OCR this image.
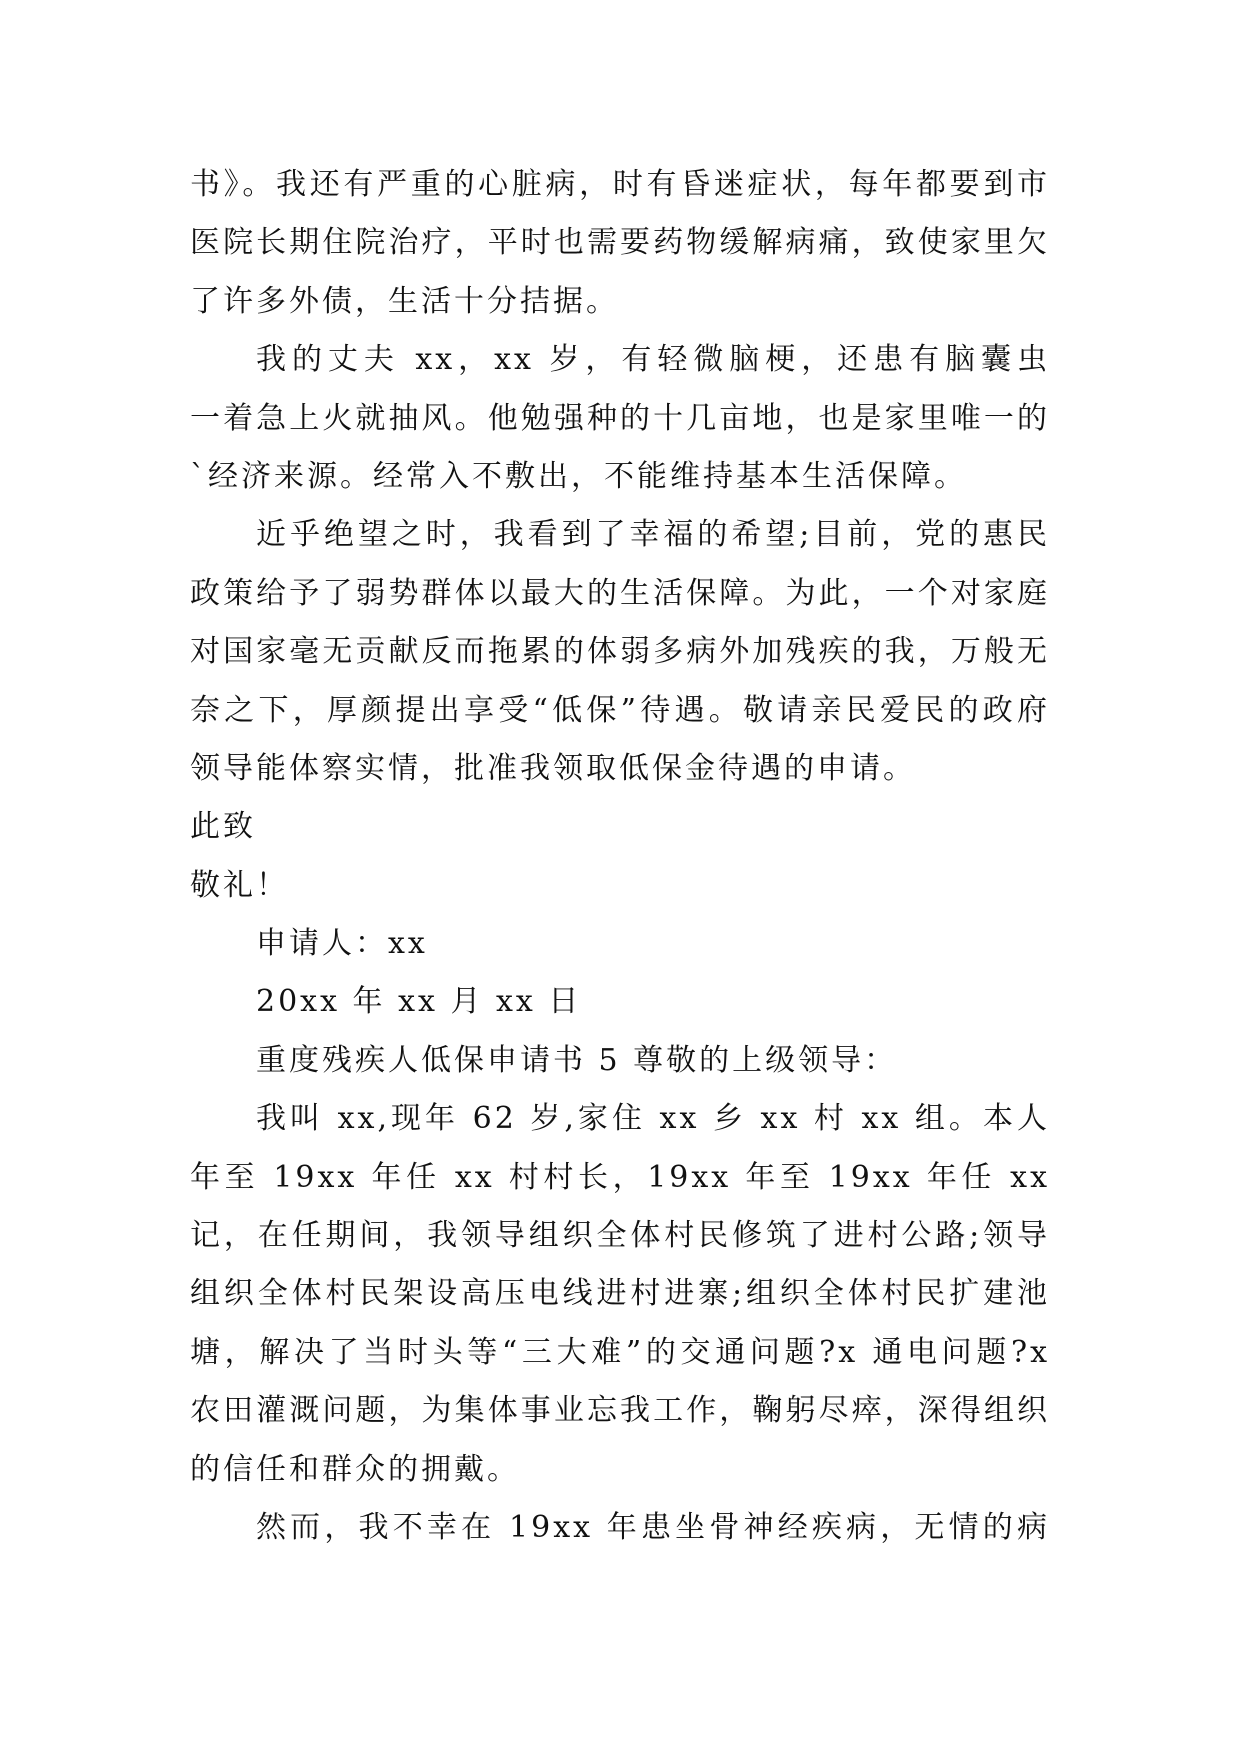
书》。我还有严重的心脏病，时有昏迷症状，每年都要到市
医院长期住院治疗，平时也需要药物缓解病痛，致使家里欠
了许多外债，生活十分拮据。
我的丈夫 xx，xx 岁，有轻微脑梗，还患有脑囊虫
一着急上火就抽风。他勉强种的十几亩地，也是家里唯一的
`经济来源。经常入不敷出，不能维持基本生活保障。
近乎绝望之时，我看到了幸福的希望;目前，党的惠民
政策给予了弱势群体以最大的生活保障。为此，一个对家庭
对国家毫无贡献反而拖累的体弱多病外加残疾的我，万般无
奈之下，厚颜提出享受“低保”待遇。敬请亲民爱民的政府
领导能体察实情，批准我领取低保金待遇的申请。
此致
敬礼！
申请人：xx
20xx 年 xx 月 xx 日
重度残疾人低保申请书 5 尊敬的上级领导：
我叫 xx,现年 62 岁,家住 xx 乡 xx 村 xx 组。本人
年至 19xx 年任 xx 村村长，19xx 年至 19xx 年任 xx
记，在任期间，我领导组织全体村民修筑了进村公路;领导
组织全体村民架设高压电线进村进寨;组织全体村民扩建池
塘，解决了当时头等“三大难”的交通问题?x 通电问题?x
农田灌溉问题，为集体事业忘我工作，鞠躬尽瘁，深得组织
的信任和群众的拥戴。
然而，我不幸在 19xx 年患坐骨神经疾病，无情的病
